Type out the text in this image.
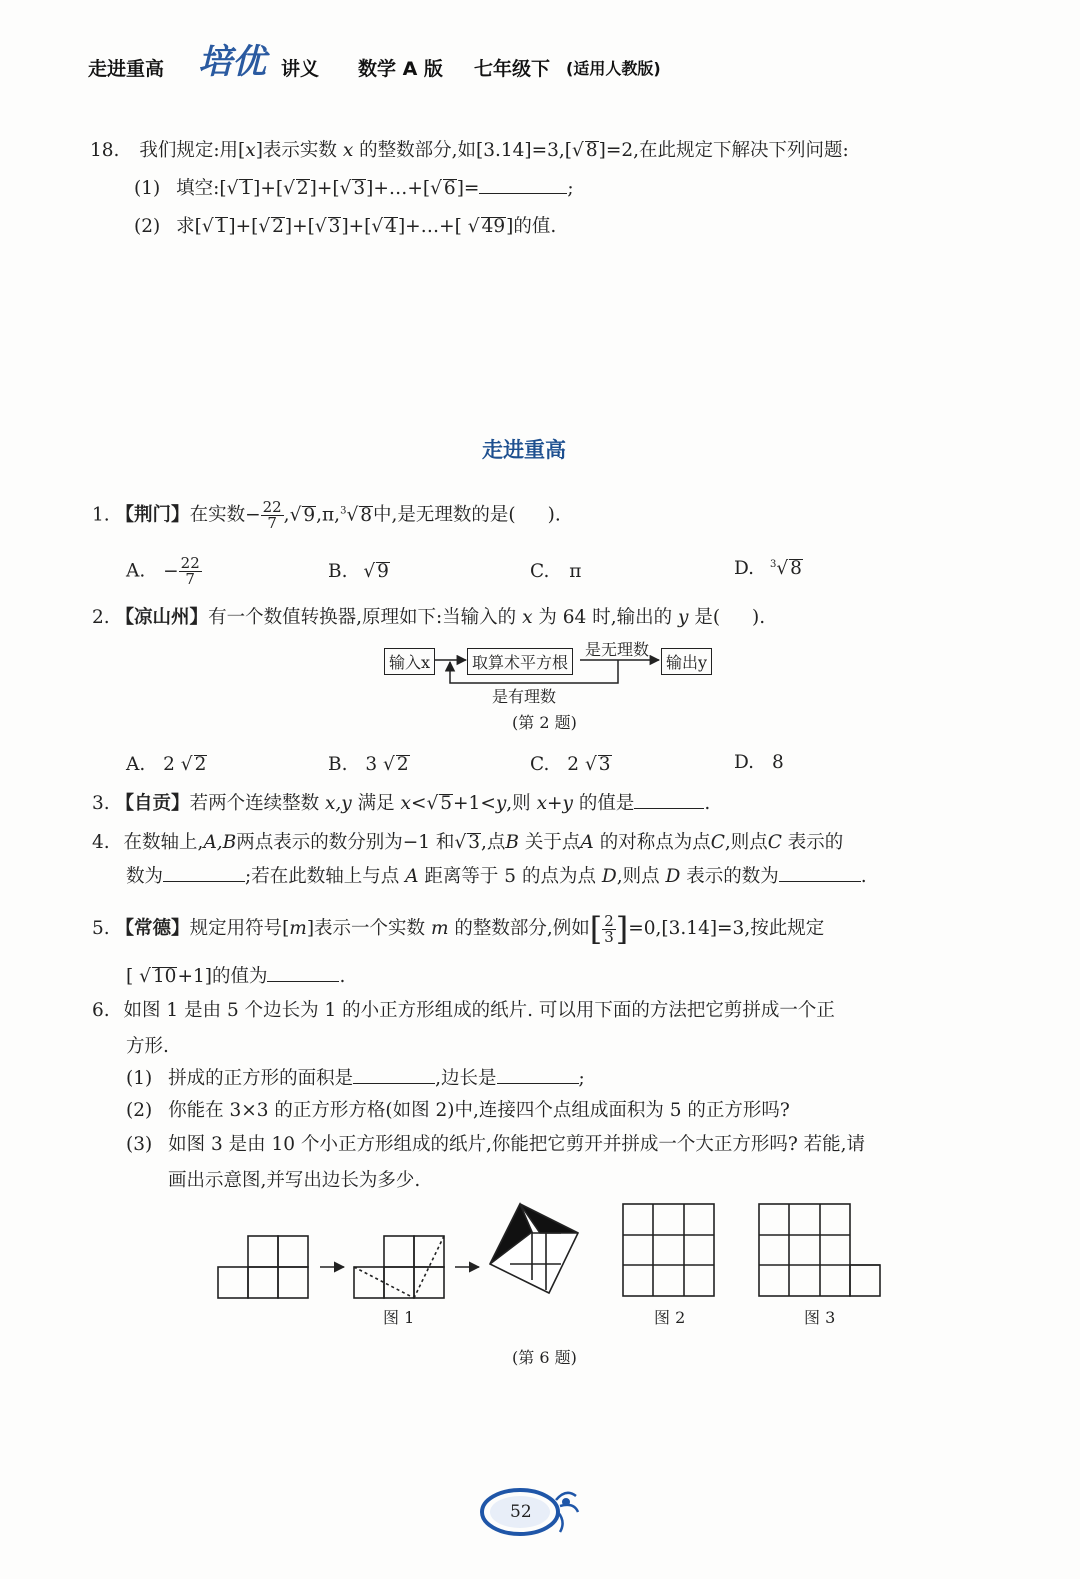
走进重高 培优 讲义 数学 A 版 七年级下 (适用人教版)
18. 我们规定:用[x]表示实数 x 的整数部分,如[3.14]=3,[√ 8]=2,在此规定下解决下列问题:
(1) 填空:[√ 1]+[√ 2]+[√ 3]+…+[√ 6]=	;
(2) 求[√ 1]+[√ 2]+[√ 3]+[√ 4]+…+[ √ 49]的值.
走进重高
1. 【荆门】在实数− $\frac{22}{7}$ ,√ 9,π,$^3$√ 8中,是无理数的是( ).
A. − $\frac{22}{7}$	B. √ 9	C. π	D. $^3$√ 8
2. 【凉山州】有一个数值转换器,原理如下:当输入的 x 为 64 时,输出的 y 是( ).
输入x	取算术平方根	输出y
是无理数
是有理数
(第 2 题)
A. 2 √ 2	B. 3 √ 2	C. 2 √ 3	D. 8
3. 【自贡】若两个连续整数 x,y 满足 x<√ 5+1<y,则 x+y 的值是	.
4. 在数轴上,A,B两点表示的数分别为−1 和√ 3,点B 关于点A 的对称点为点C,则点C 表示的
数为	;若在此数轴上与点 A 距离等于 5 的点为点 D,则点 D 表示的数为	.
5. 【常德】规定用符号[m]表示一个实数 m 的整数部分,例如[ $\frac{2}{3} ]=0,[3.14]=3$,按此规定
[ √ 10+1]的值为	.
6. 如图 1 是由 5 个边长为 1 的小正方形组成的纸片. 可以用下面的方法把它剪拼成一个正
方形.
(1) 拼成的正方形的面积是	,边长是	;
(2) 你能在 3×3 的正方形方格(如图 2)中,连接四个点组成面积为 5 的正方形吗?
(3) 如图 3 是由 10 个小正方形组成的纸片,你能把它剪开并拼成一个大正方形吗? 若能,请
画出示意图,并写出边长为多少.
图 1	图 2	图 3
(第 6 题)
52
